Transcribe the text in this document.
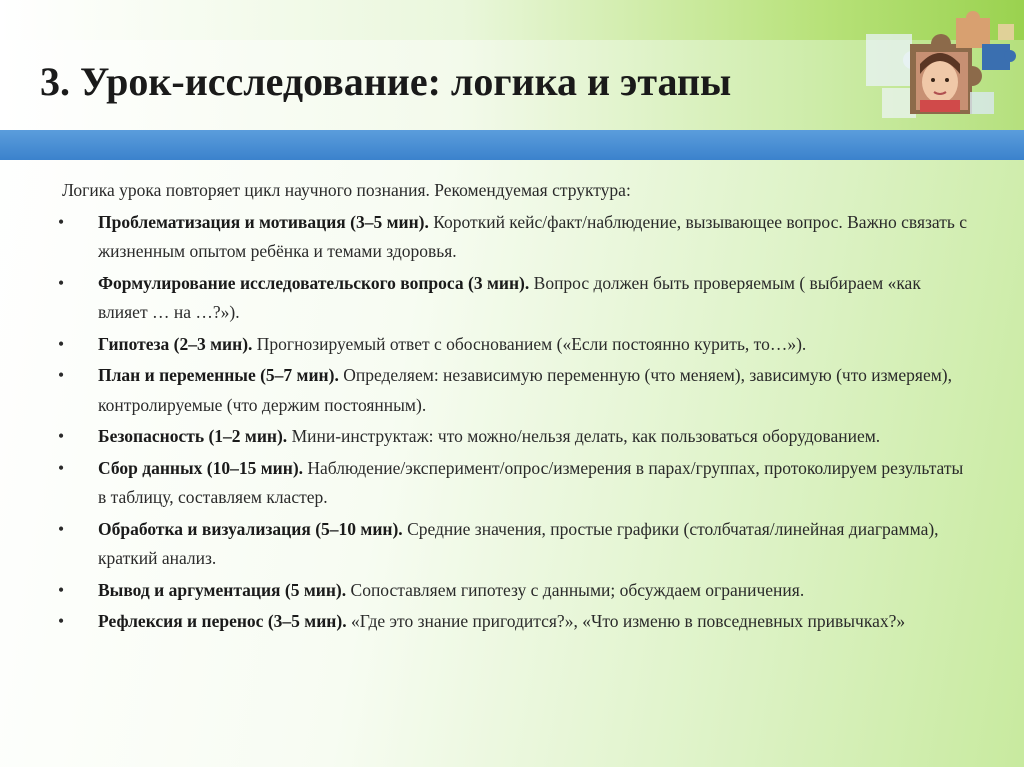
3. Урок-исследование: логика и этапы

Логика урока повторяет цикл научного познания. Рекомендуемая структура:

• Проблематизация и мотивация (3–5 мин). Короткий кейс/факт/наблюдение, вызывающее вопрос. Важно связать с жизненным опытом ребёнка и темами здоровья.
• Формулирование исследовательского вопроса (3 мин). Вопрос должен быть проверяемым ( выбираем «как влияет … на …?»).
• Гипотеза (2–3 мин). Прогнозируемый ответ с обоснованием («Если постоянно курить, то…»).
• План и переменные (5–7 мин). Определяем: независимую переменную (что меняем), зависимую (что измеряем), контролируемые (что держим постоянным).
• Безопасность (1–2 мин). Мини-инструктаж: что можно/нельзя делать, как пользоваться оборудованием.
• Сбор данных (10–15 мин). Наблюдение/эксперимент/опрос/измерения в парах/группах, протоколируем результаты в таблицу, составляем кластер.
• Обработка и визуализация (5–10 мин). Средние значения, простые графики (столбчатая/линейная диаграмма), краткий анализ.
• Вывод и аргументация (5 мин). Сопоставляем гипотезу с данными; обсуждаем ограничения.
• Рефлексия и перенос (3–5 мин). «Где это знание пригодится?», «Что изменю в повседневных привычках?»
